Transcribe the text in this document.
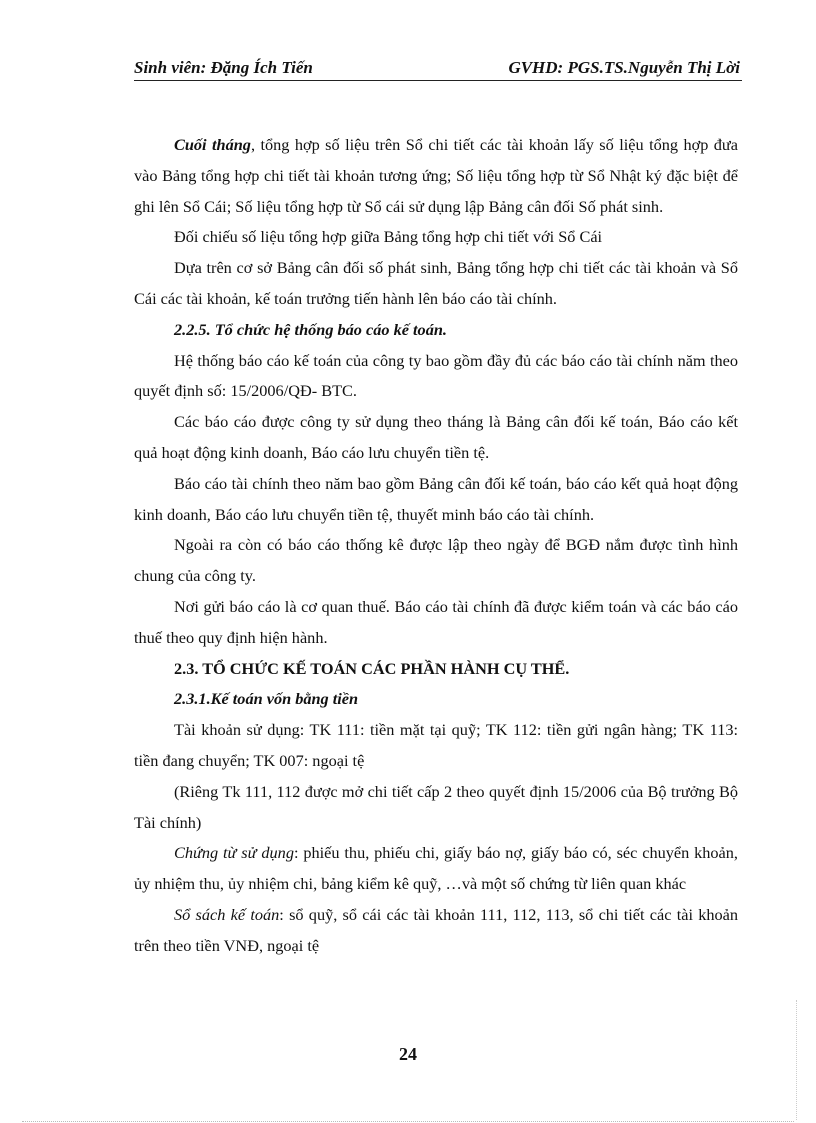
Sinh viên: Đặng Ích Tiến	GVHD: PGS.TS.Nguyễn Thị Lời

Cuối tháng, tổng hợp số liệu trên Sổ chi tiết các tài khoản lấy số liệu tổng hợp đưa vào Bảng tổng hợp chi tiết tài khoản tương ứng; Số liệu tổng hợp từ Sổ Nhật ký đặc biệt để ghi lên Sổ Cái; Số liệu tổng hợp từ Sổ cái sử dụng lập Bảng cân đối Số phát sinh.

Đối chiếu số liệu tổng hợp giữa Bảng tổng hợp chi tiết với Sổ Cái

Dựa trên cơ sở Bảng cân đối số phát sinh, Bảng tổng hợp chi tiết các tài khoản và Sổ Cái các tài khoản, kế toán trưởng tiến hành lên báo cáo tài chính.

2.2.5. Tổ chức hệ thống báo cáo kế toán.

Hệ thống báo cáo kế toán của công ty bao gồm đầy đủ các báo cáo tài chính năm theo quyết định số: 15/2006/QĐ- BTC.

Các báo cáo được công ty sử dụng theo tháng là Bảng cân đối kế toán, Báo cáo kết quả hoạt động kinh doanh, Báo cáo lưu chuyển tiền tệ.

Báo cáo tài chính theo năm bao gồm Bảng cân đối kế toán, báo cáo kết quả hoạt động kinh doanh, Báo cáo lưu chuyển tiền tệ, thuyết minh báo cáo tài chính.

Ngoài ra còn có báo cáo thống kê được lập theo ngày để BGĐ nắm được tình hình chung của công ty.

Nơi gửi báo cáo là cơ quan thuế. Báo cáo tài chính đã được kiểm toán và các báo cáo thuế theo quy định hiện hành.

2.3. TỔ CHỨC KẾ TOÁN CÁC PHẦN HÀNH CỤ THỂ.

2.3.1.Kế toán vốn bằng tiền

Tài khoản sử dụng: TK 111: tiền mặt tại quỹ; TK 112: tiền gửi ngân hàng; TK 113: tiền đang chuyển; TK 007: ngoại tệ

(Riêng Tk 111, 112 được mở chi tiết cấp 2 theo quyết định 15/2006 của Bộ trưởng Bộ Tài chính)

Chứng từ sử dụng: phiếu thu, phiếu chi, giấy báo nợ, giấy báo có, séc chuyển khoản, ủy nhiệm thu, ủy nhiệm chi, bảng kiểm kê quỹ, …và một số chứng từ liên quan khác

Sổ sách kế toán: sổ quỹ, sổ cái các tài khoản 111, 112, 113, sổ chi tiết các tài khoản trên theo tiền VNĐ, ngoại tệ

24
